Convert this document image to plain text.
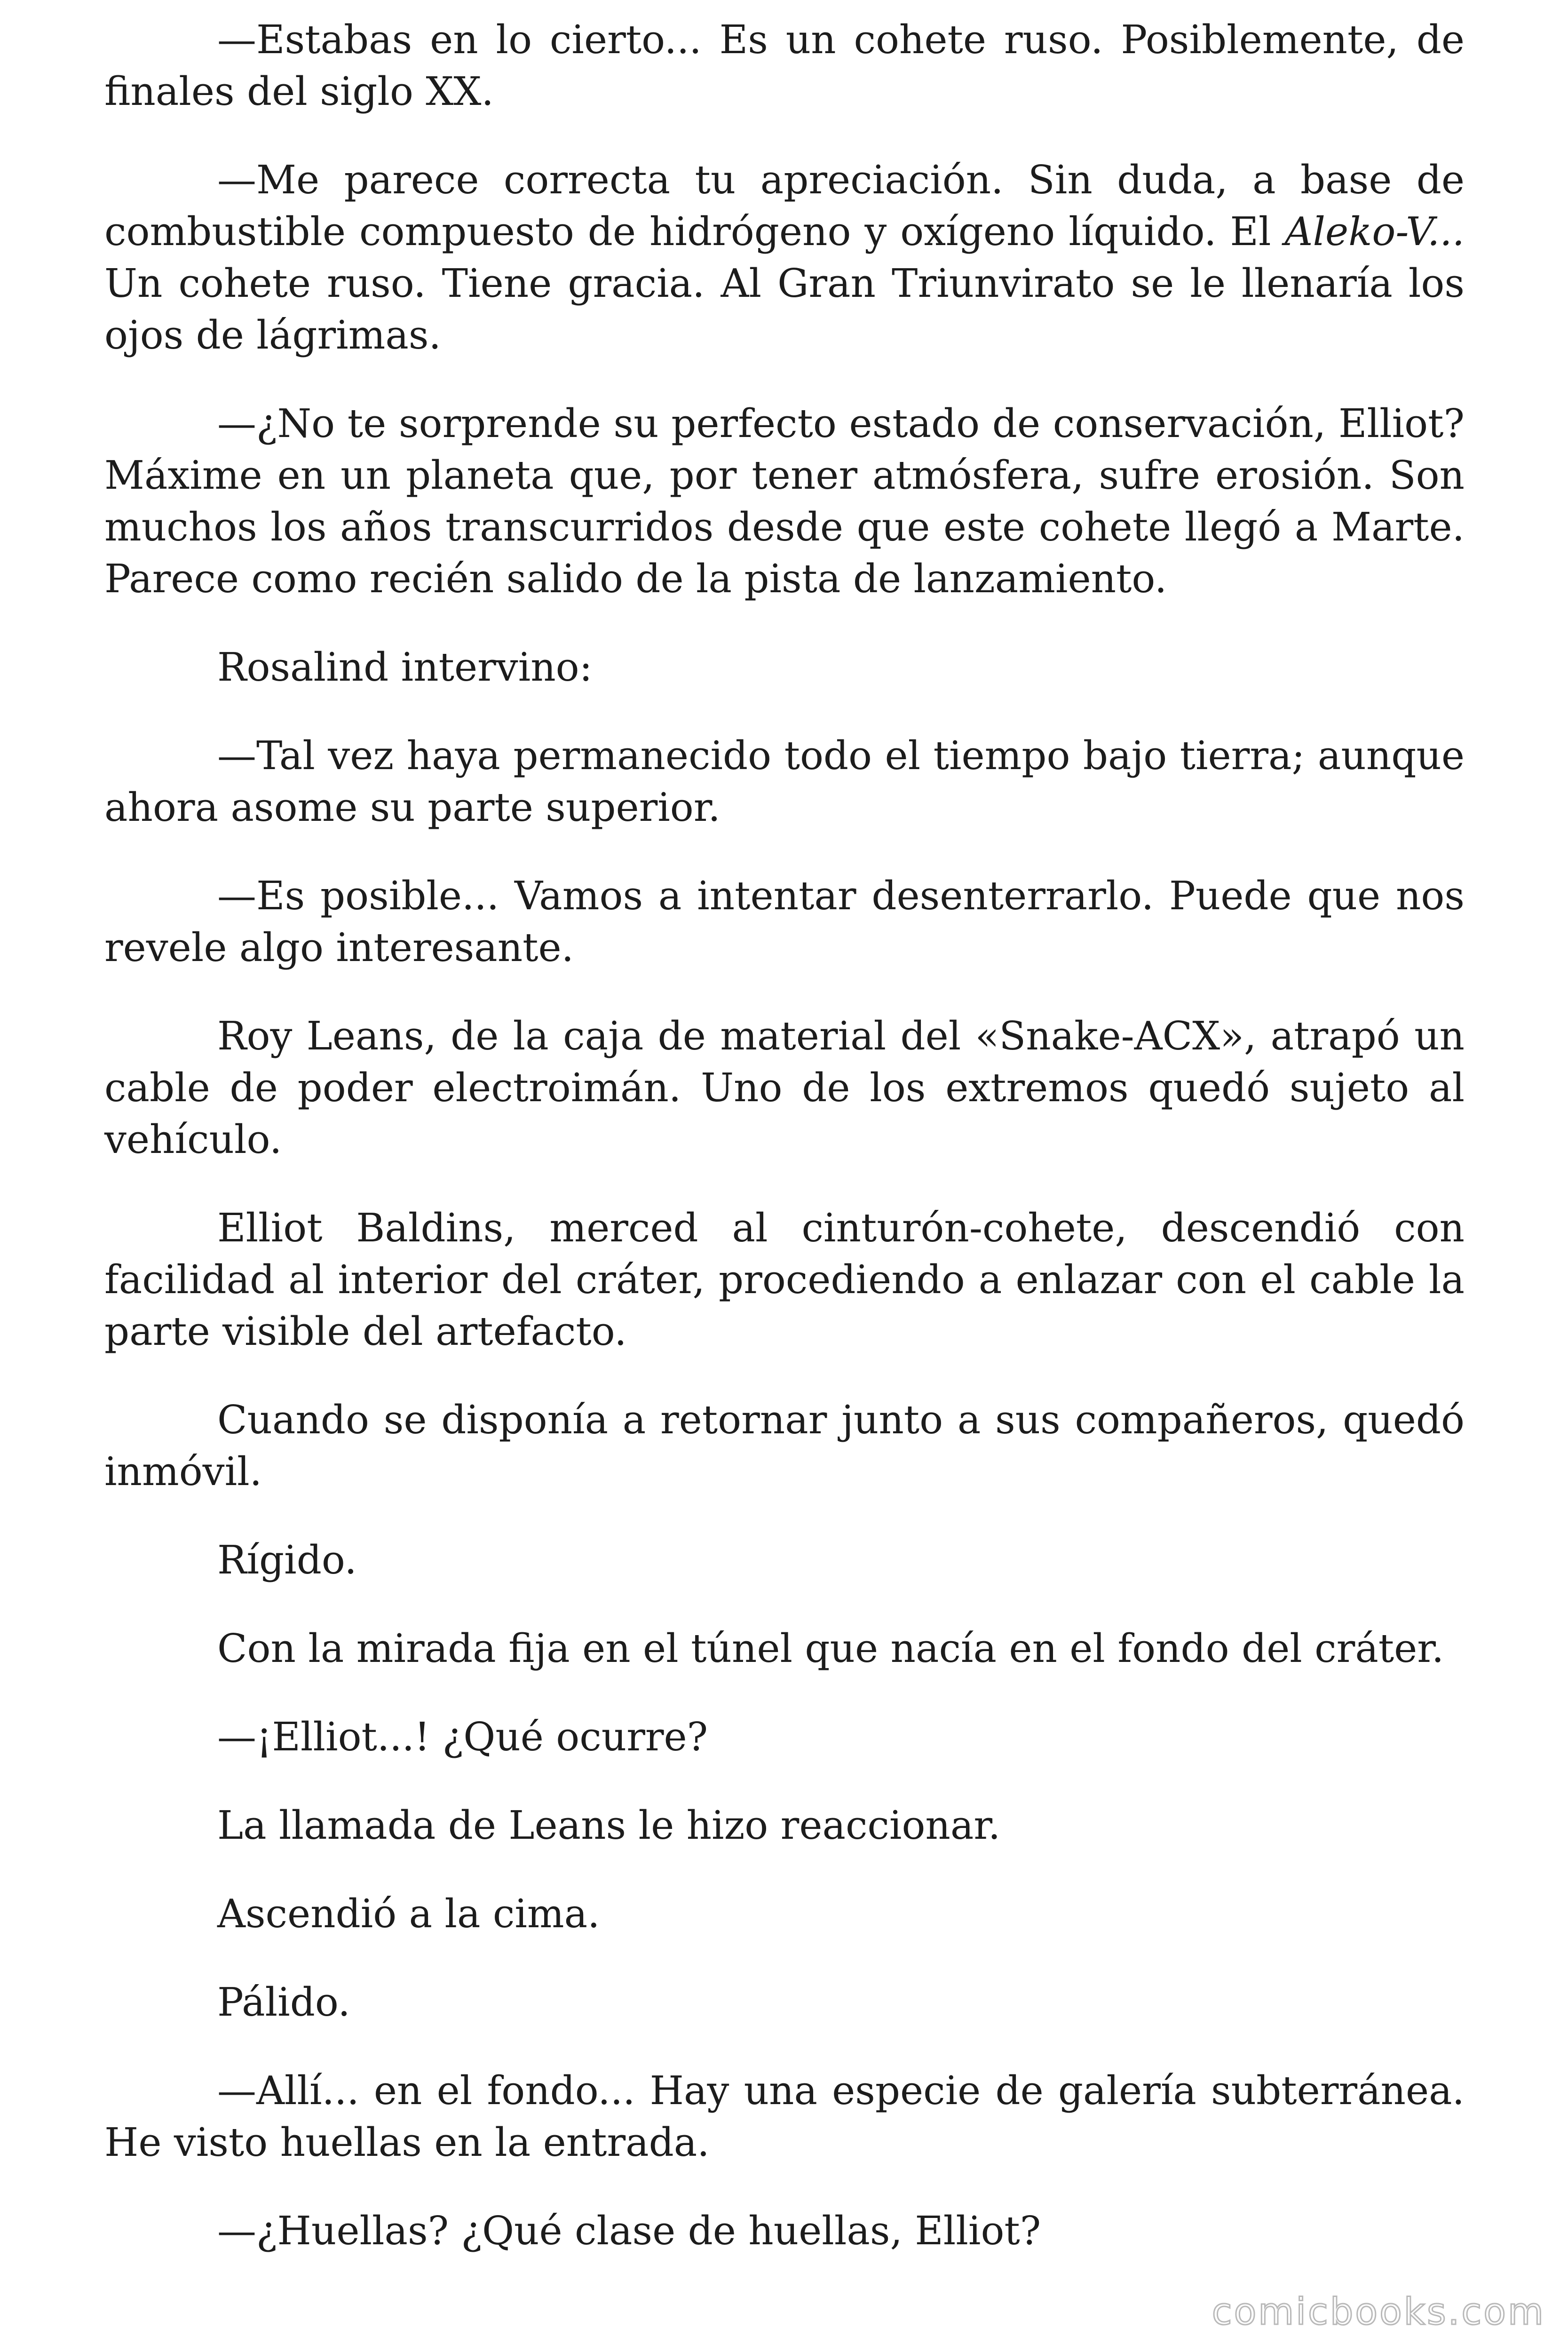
—Estabas en lo cierto... Es un cohete ruso. Posiblemente, de finales del siglo XX.

—Me parece correcta tu apreciación. Sin duda, a base de combustible compuesto de hidrógeno y oxígeno líquido. El Aleko-V... Un cohete ruso. Tiene gracia. Al Gran Triunvirato se le llenaría los ojos de lágrimas.

—¿No te sorprende su perfecto estado de conservación, Elliot? Máxime en un planeta que, por tener atmósfera, sufre erosión. Son muchos los años transcurridos desde que este cohete llegó a Marte. Parece como recién salido de la pista de lanzamiento.

Rosalind intervino:

—Tal vez haya permanecido todo el tiempo bajo tierra; aunque ahora asome su parte superior.

—Es posible... Vamos a intentar desenterrarlo. Puede que nos revele algo interesante.

Roy Leans, de la caja de material del «Snake-ACX», atrapó un cable de poder electroimán. Uno de los extremos quedó sujeto al vehículo.

Elliot Baldins, merced al cinturón-cohete, descendió con facilidad al interior del cráter, procediendo a enlazar con el cable la parte visible del artefacto.

Cuando se disponía a retornar junto a sus compañeros, quedó inmóvil.

Rígido.

Con la mirada fija en el túnel que nacía en el fondo del cráter.

—¡Elliot...! ¿Qué ocurre?

La llamada de Leans le hizo reaccionar.

Ascendió a la cima.

Pálido.

—Allí... en el fondo... Hay una especie de galería subterránea. He visto huellas en la entrada.

—¿Huellas? ¿Qué clase de huellas, Elliot?

comicbooks.com
